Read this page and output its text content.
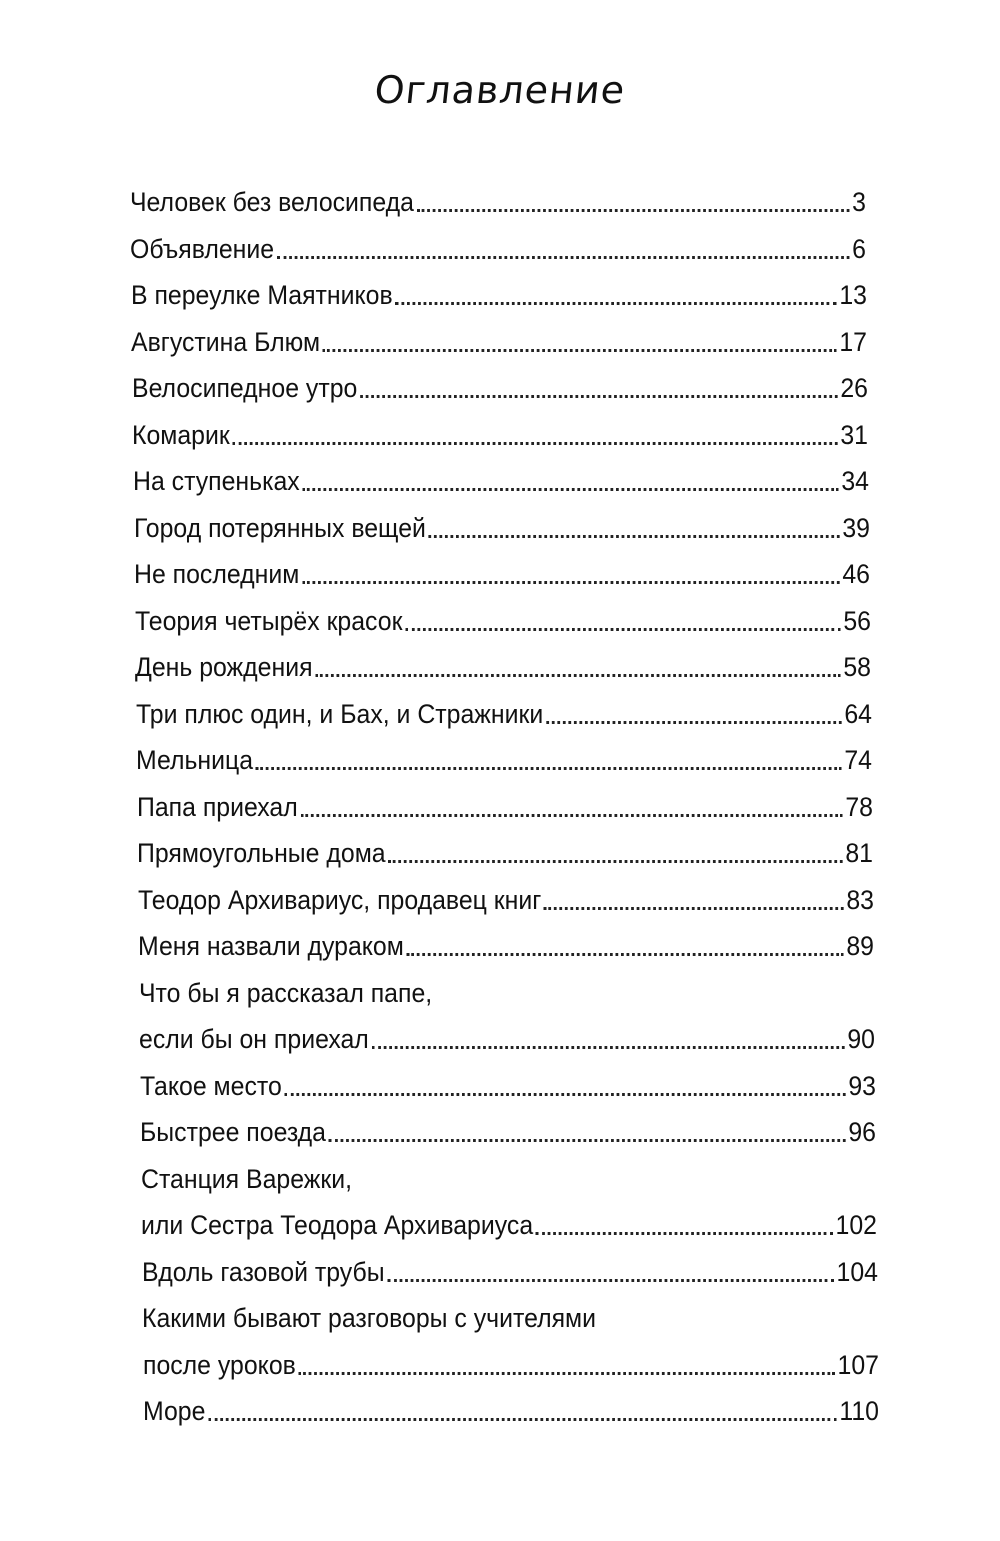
Оглавление
Человек без велосипеда	3
Объявление	6
В переулке Маятников	13
Августина Блюм	17
Велосипедное утро	26
Комарик	31
На ступеньках	34
Город потерянных вещей	39
Не последним	46
Теория четырёх красок	56
День рождения	58
Три плюс один, и Бах, и Стражники	64
Мельница	74
Папа приехал	78
Прямоугольные дома	81
Теодор Архивариус, продавец книг	83
Меня назвали дураком	89
Что бы я рассказал папе,
если бы он приехал	90
Такое место	93
Быстрее поезда	96
Станция Варежки,
или Сестра Теодора Архивариуса	102
Вдоль газовой трубы	104
Какими бывают разговоры с учителями
после уроков	107
Море	110
